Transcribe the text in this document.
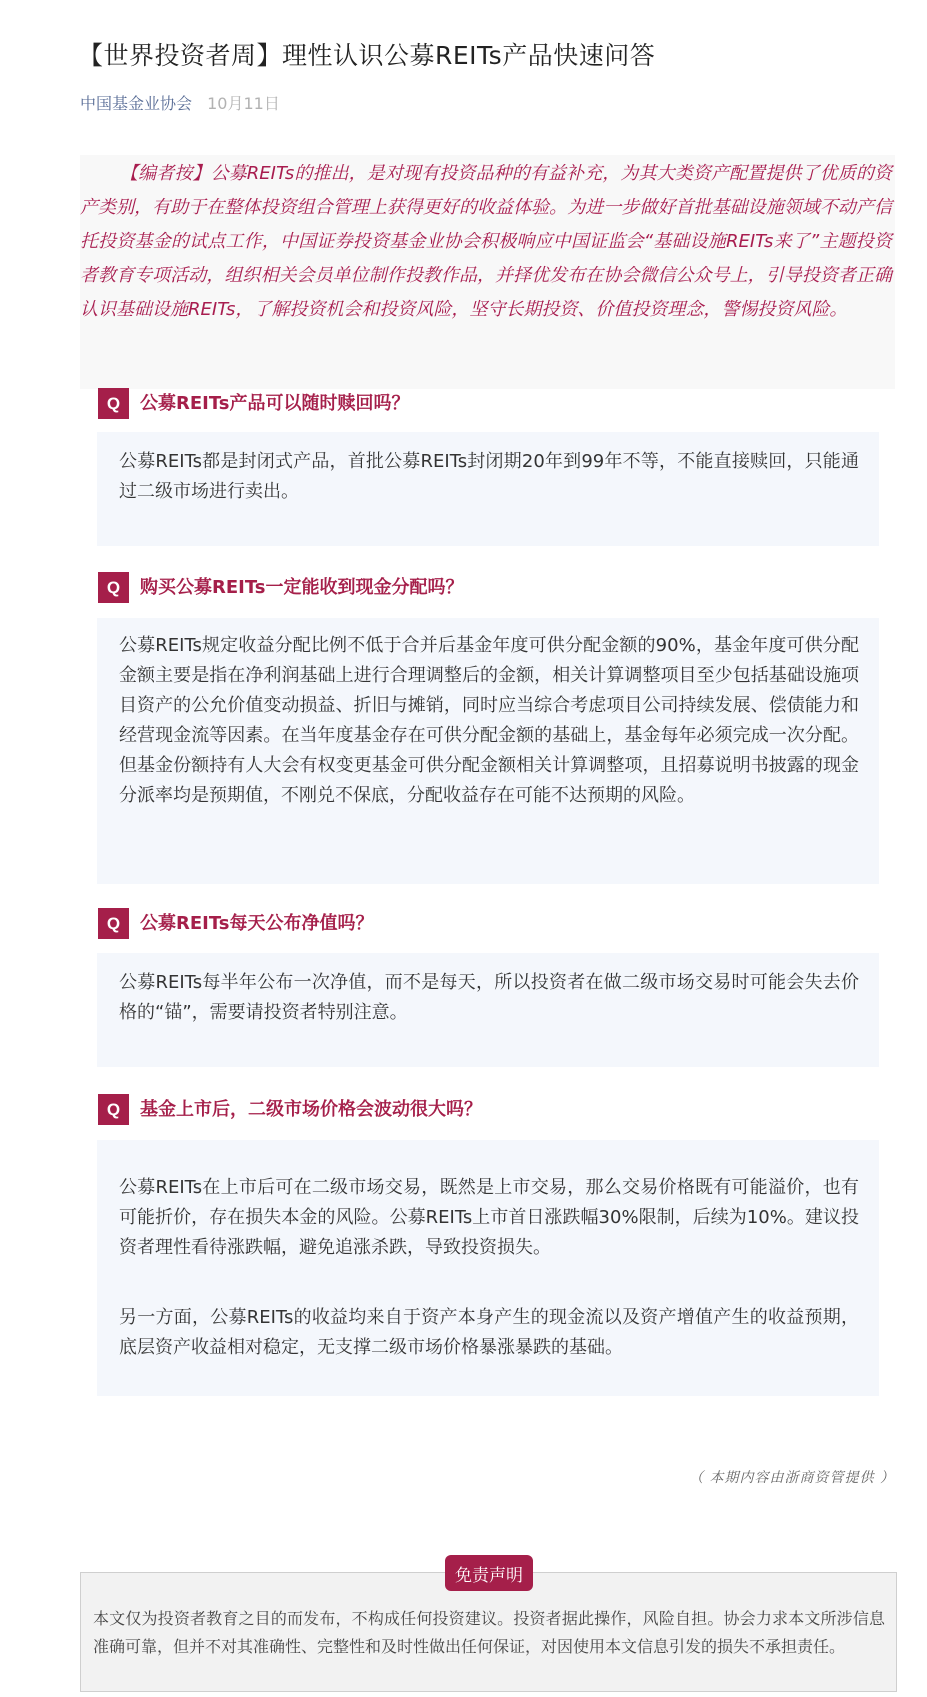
【世界投资者周】理性认识公募REITs产品快速问答
中国基金业协会 10月11日

【编者按】公募REITs的推出，是对现有投资品种的有益补充，为其大类资产配置提供了优质的资产类别，有助于在整体投资组合管理上获得更好的收益体验。为进一步做好首批基础设施领域不动产信托投资基金的试点工作，中国证券投资基金业协会积极响应中国证监会“基础设施REITs来了”主题投资者教育专项活动，组织相关会员单位制作投教作品，并择优发布在协会微信公众号上，引导投资者正确认识基础设施REITs，了解投资机会和投资风险，坚守长期投资、价值投资理念，警惕投资风险。

Q	公募REITs产品可以随时赎回吗？

公募REITs都是封闭式产品，首批公募REITs封闭期20年到99年不等，不能直接赎回，只能通过二级市场进行卖出。

Q	购买公募REITs一定能收到现金分配吗？

公募REITs规定收益分配比例不低于合并后基金年度可供分配金额的90%，基金年度可供分配金额主要是指在净利润基础上进行合理调整后的金额，相关计算调整项目至少包括基础设施项目资产的公允价值变动损益、折旧与摊销，同时应当综合考虑项目公司持续发展、偿债能力和经营现金流等因素。在当年度基金存在可供分配金额的基础上，基金每年必须完成一次分配。但基金份额持有人大会有权变更基金可供分配金额相关计算调整项，且招募说明书披露的现金分派率均是预期值，不刚兑不保底，分配收益存在可能不达预期的风险。

Q	公募REITs每天公布净值吗？

公募REITs每半年公布一次净值，而不是每天，所以投资者在做二级市场交易时可能会失去价格的“锚”，需要请投资者特别注意。

Q	基金上市后，二级市场价格会波动很大吗？

公募REITs在上市后可在二级市场交易，既然是上市交易，那么交易价格既有可能溢价，也有可能折价，存在损失本金的风险。公募REITs上市首日涨跌幅30%限制，后续为10%。建议投资者理性看待涨跌幅，避免追涨杀跌，导致投资损失。

另一方面，公募REITs的收益均来自于资产本身产生的现金流以及资产增值产生的收益预期，底层资产收益相对稳定，无支撑二级市场价格暴涨暴跌的基础。

（ 本期内容由浙商资管提供 ）

本文仅为投资者教育之目的而发布，不构成任何投资建议。投资者据此操作，风险自担。协会力求本文所涉信息准确可靠，但并不对其准确性、完整性和及时性做出任何保证，对因使用本文信息引发的损失不承担责任。

免责声明
